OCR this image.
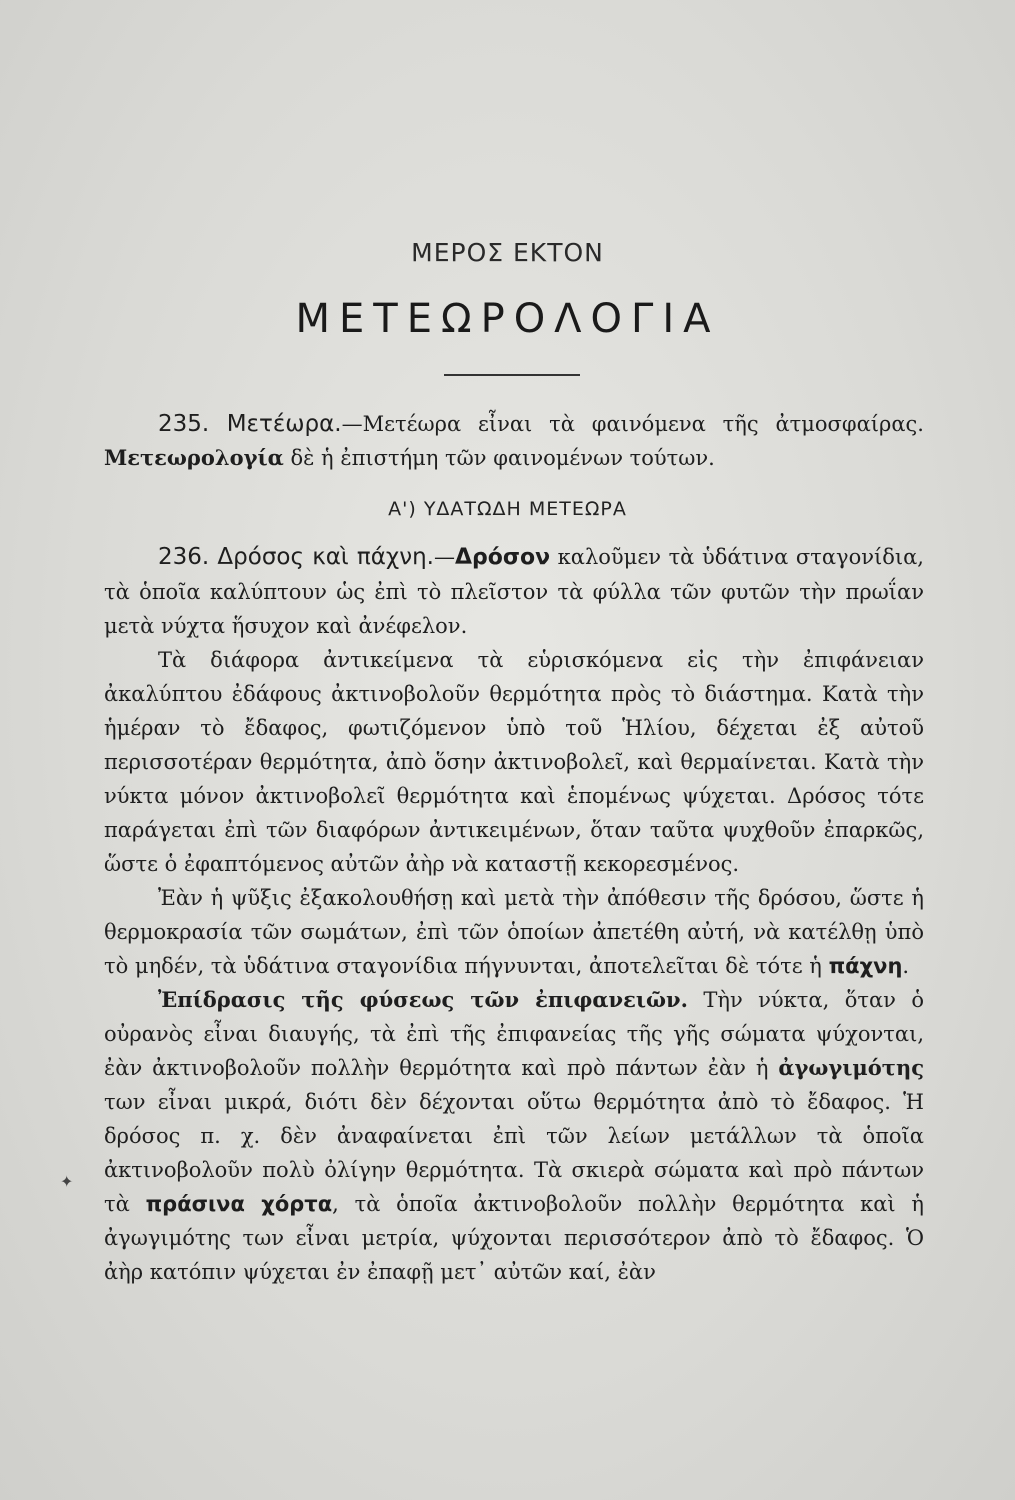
ΜΕΡΟΣ ΕΚΤΟΝ
ΜΕΤΕΩΡΟΛΟΓΙΑ

235. Μετέωρα.—Μετέωρα εἶναι τὰ φαινόμενα τῆς ἀτμοσφαίρας. Μετεωρολογία δὲ ἡ ἐπιστήμη τῶν φαινομένων τούτων.

Α') ΥΔΑΤΩΔΗ ΜΕΤΕΩΡΑ

236. Δρόσος καὶ πάχνη.—Δρόσον καλοῦμεν τὰ ὑδάτινα σταγονίδια, τὰ ὁποῖα καλύπτουν ὡς ἐπὶ τὸ πλεῖστον τὰ φύλλα τῶν φυτῶν τὴν πρωΐαν μετὰ νύχτα ἥσυχον καὶ ἀνέφελον.

Τὰ διάφορα ἀντικείμενα τὰ εὑρισκόμενα εἰς τὴν ἐπιφάνειαν ἀκαλύπτου ἐδάφους ἀκτινοβολοῦν θερμότητα πρὸς τὸ διάστημα. Κατὰ τὴν ἡμέραν τὸ ἔδαφος, φωτιζόμενον ὑπὸ τοῦ Ἡλίου, δέχεται ἐξ αὐτοῦ περισσοτέραν θερμότητα, ἀπὸ ὅσην ἀκτινοβολεῖ, καὶ θερμαίνεται. Κατὰ τὴν νύκτα μόνον ἀκτινοβολεῖ θερμότητα καὶ ἑπομένως ψύχεται. Δρόσος τότε παράγεται ἐπὶ τῶν διαφόρων ἀντικειμένων, ὅταν ταῦτα ψυχθοῦν ἐπαρκῶς, ὥστε ὁ ἐφαπτόμενος αὐτῶν ἀὴρ νὰ καταστῇ κεκορεσμένος.

Ἐὰν ἡ ψῦξις ἐξακολουθήσῃ καὶ μετὰ τὴν ἀπόθεσιν τῆς δρόσου, ὥστε ἡ θερμοκρασία τῶν σωμάτων, ἐπὶ τῶν ὁποίων ἀπετέθη αὐτή, νὰ κατέλθῃ ὑπὸ τὸ μηδέν, τὰ ὑδάτινα σταγονίδια πήγνυνται, ἀποτελεῖται δὲ τότε ἡ πάχνη.

Ἐπίδρασις τῆς φύσεως τῶν ἐπιφανειῶν. Τὴν νύκτα, ὅταν ὁ οὐρανὸς εἶναι διαυγής, τὰ ἐπὶ τῆς ἐπιφανείας τῆς γῆς σώματα ψύχονται, ἐὰν ἀκτινοβολοῦν πολλὴν θερμότητα καὶ πρὸ πάντων ἐὰν ἡ ἀγωγιμότης των εἶναι μικρά, διότι δὲν δέχονται οὕτω θερμότητα ἀπὸ τὸ ἔδαφος. Ἡ δρόσος π. χ. δὲν ἀναφαίνεται ἐπὶ τῶν λείων μετάλλων τὰ ὁποῖα ἀκτινοβολοῦν πολὺ ὀλίγην θερμότητα. Τὰ σκιερὰ σώματα καὶ πρὸ πάντων τὰ πράσινα χόρτα, τὰ ὁποῖα ἀκτινοβολοῦν πολλὴν θερμότητα καὶ ἡ ἀγωγιμότης των εἶναι μετρία, ψύχονται περισσότερον ἀπὸ τὸ ἔδαφος. Ὁ ἀὴρ κατόπιν ψύχεται ἐν ἐπαφῇ μετ᾽ αὐτῶν καί, ἐὰν

✦
